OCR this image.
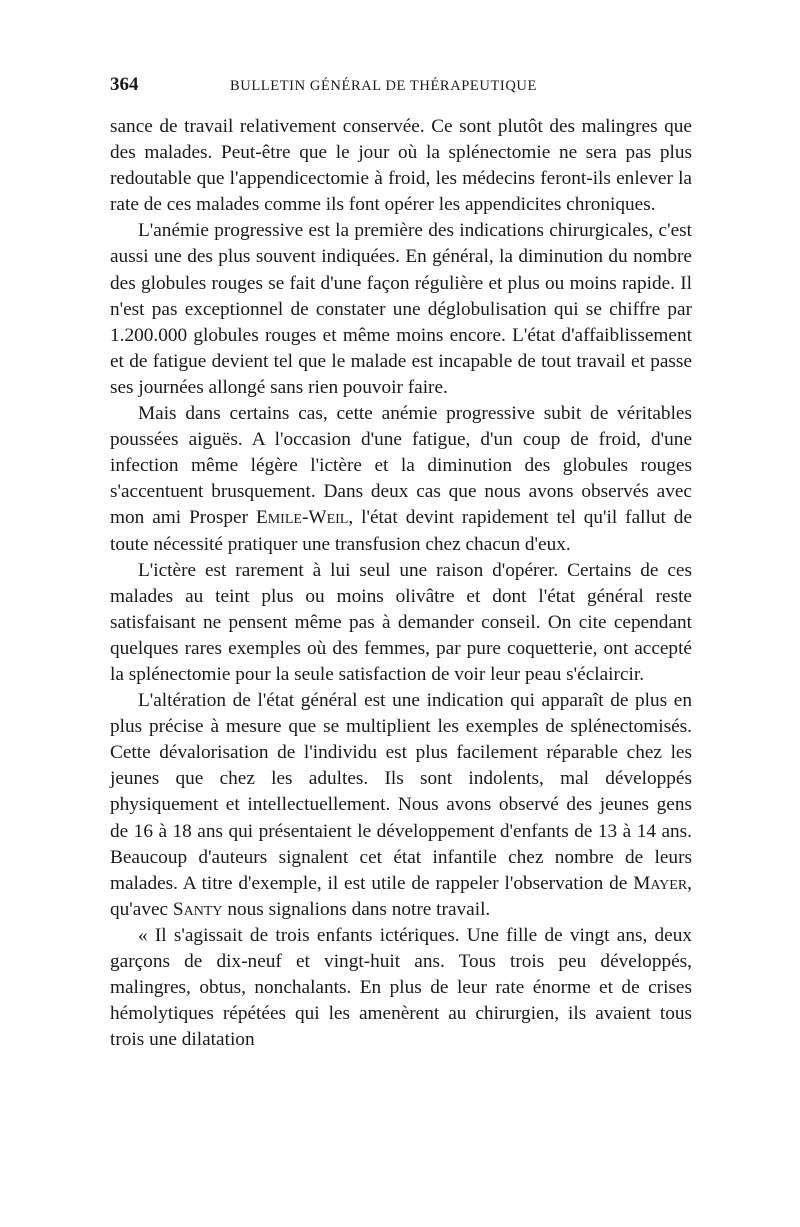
364	BULLETIN GÉNÉRAL DE THÉRAPEUTIQUE

sance de travail relativement conservée. Ce sont plutôt des malingres que des malades. Peut-être que le jour où la splénectomie ne sera pas plus redoutable que l'appendicectomie à froid, les médecins feront-ils enlever la rate de ces malades comme ils font opérer les appendicites chroniques.

L'anémie progressive est la première des indications chirurgicales, c'est aussi une des plus souvent indiquées. En général, la diminution du nombre des globules rouges se fait d'une façon régulière et plus ou moins rapide. Il n'est pas exceptionnel de constater une déglobulisation qui se chiffre par 1.200.000 globules rouges et même moins encore. L'état d'affaiblissement et de fatigue devient tel que le malade est incapable de tout travail et passe ses journées allongé sans rien pouvoir faire.

Mais dans certains cas, cette anémie progressive subit de véritables poussées aiguës. A l'occasion d'une fatigue, d'un coup de froid, d'une infection même légère l'ictère et la diminution des globules rouges s'accentuent brusquement. Dans deux cas que nous avons observés avec mon ami Prosper Emile-Weil, l'état devint rapidement tel qu'il fallut de toute nécessité pratiquer une transfusion chez chacun d'eux.

L'ictère est rarement à lui seul une raison d'opérer. Certains de ces malades au teint plus ou moins olivâtre et dont l'état général reste satisfaisant ne pensent même pas à demander conseil. On cite cependant quelques rares exemples où des femmes, par pure coquetterie, ont accepté la splénectomie pour la seule satisfaction de voir leur peau s'éclaircir.

L'altération de l'état général est une indication qui apparaît de plus en plus précise à mesure que se multiplient les exemples de splénectomisés. Cette dévalorisation de l'individu est plus facilement réparable chez les jeunes que chez les adultes. Ils sont indolents, mal développés physiquement et intellectuellement. Nous avons observé des jeunes gens de 16 à 18 ans qui présentaient le développement d'enfants de 13 à 14 ans. Beaucoup d'auteurs signalent cet état infantile chez nombre de leurs malades. A titre d'exemple, il est utile de rappeler l'observation de Mayer, qu'avec Santy nous signalions dans notre travail.

« Il s'agissait de trois enfants ictériques. Une fille de vingt ans, deux garçons de dix-neuf et vingt-huit ans. Tous trois peu développés, malingres, obtus, nonchalants. En plus de leur rate énorme et de crises hémolytiques répétées qui les amenèrent au chirurgien, ils avaient tous trois une dilatation
